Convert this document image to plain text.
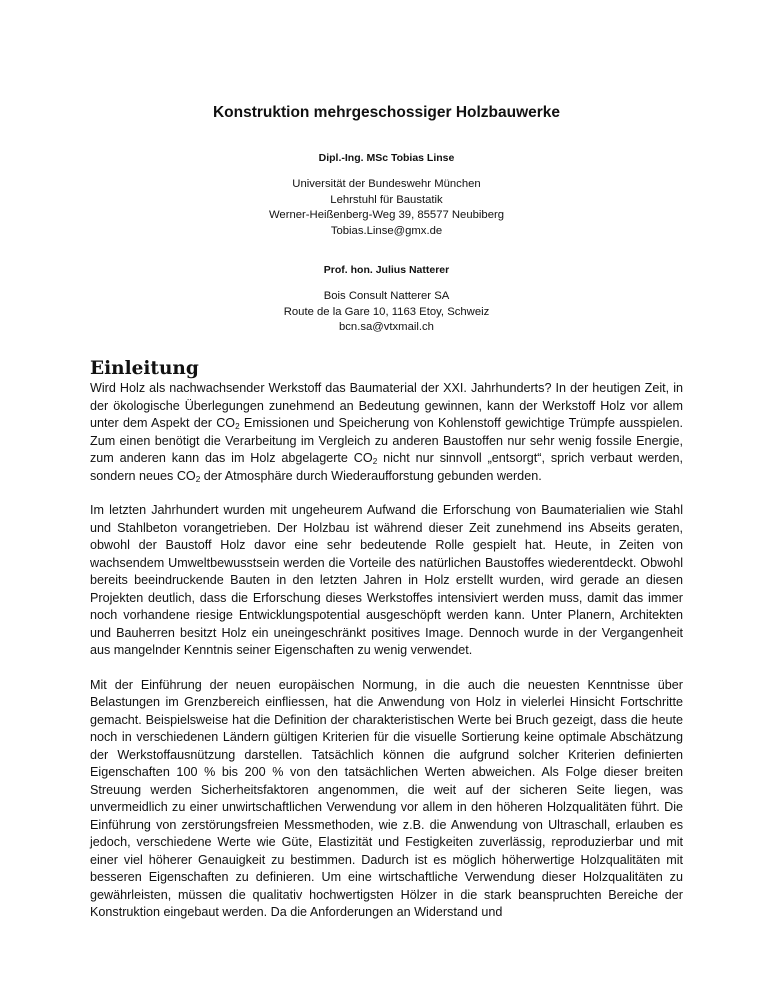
Konstruktion mehrgeschossiger Holzbauwerke
Dipl.-Ing. MSc Tobias Linse
Universität der Bundeswehr München
Lehrstuhl für Baustatik
Werner-Heißenberg-Weg 39, 85577 Neubiberg
Tobias.Linse@gmx.de
Prof. hon. Julius Natterer
Bois Consult Natterer SA
Route de la Gare 10, 1163 Etoy, Schweiz
bcn.sa@vtxmail.ch
Einleitung

Wird Holz als nachwachsender Werkstoff das Baumaterial der XXI. Jahrhunderts? In der heutigen Zeit, in der ökologische Überlegungen zunehmend an Bedeutung gewinnen, kann der Werkstoff Holz vor allem unter dem Aspekt der $CO_2$ Emissionen und Speicherung von Kohlenstoff gewichtige Trümpfe ausspielen. Zum einen benötigt die Verarbeitung im Vergleich zu anderen Baustoffen nur sehr wenig fossile Energie, zum anderen kann das im Holz abgelagerte $CO_2$ nicht nur sinnvoll „entsorgt“, sprich verbaut werden, sondern neues $CO_2$ der Atmosphäre durch Wiederaufforstung gebunden werden.

Im letzten Jahrhundert wurden mit ungeheurem Aufwand die Erforschung von Baumaterialien wie Stahl und Stahlbeton vorangetrieben. Der Holzbau ist während dieser Zeit zunehmend ins Abseits geraten, obwohl der Baustoff Holz davor eine sehr bedeutende Rolle gespielt hat. Heute, in Zeiten von wachsendem Umweltbewusstsein werden die Vorteile des natürlichen Baustoffes wiederentdeckt. Obwohl bereits beeindruckende Bauten in den letzten Jahren in Holz erstellt wurden, wird gerade an diesen Projekten deutlich, dass die Erforschung dieses Werkstoffes intensiviert werden muss, damit das immer noch vorhandene riesige Entwicklungspotential ausgeschöpft werden kann. Unter Planern, Architekten und Bauherren besitzt Holz ein uneingeschränkt positives Image. Dennoch wurde in der Vergangenheit aus mangelnder Kenntnis seiner Eigenschaften zu wenig verwendet.

Mit der Einführung der neuen europäischen Normung, in die auch die neuesten Kenntnisse über Belastungen im Grenzbereich einfliessen, hat die Anwendung von Holz in vielerlei Hinsicht Fortschritte gemacht. Beispielsweise hat die Definition der charakteristischen Werte bei Bruch gezeigt, dass die heute noch in verschiedenen Ländern gültigen Kriterien für die visuelle Sortierung keine optimale Abschätzung der Werkstoffausnützung darstellen. Tatsächlich können die aufgrund solcher Kriterien definierten Eigenschaften 100 % bis 200 % von den tatsächlichen Werten abweichen. Als Folge dieser breiten Streuung werden Sicherheitsfaktoren angenommen, die weit auf der sicheren Seite liegen, was unvermeidlich zu einer unwirtschaftlichen Verwendung vor allem in den höheren Holzqualitäten führt. Die Einführung von zerstörungsfreien Messmethoden, wie z.B. die Anwendung von Ultraschall, erlauben es jedoch, verschiedene Werte wie Güte, Elastizität und Festigkeiten zuverlässig, reproduzierbar und mit einer viel höherer Genauigkeit zu bestimmen. Dadurch ist es möglich höherwertige Holzqualitäten mit besseren Eigenschaften zu definieren. Um eine wirtschaftliche Verwendung dieser Holzqualitäten zu gewährleisten, müssen die qualitativ hochwertigsten Hölzer in die stark beanspruchten Bereiche der Konstruktion eingebaut werden. Da die Anforderungen an Widerstand und
